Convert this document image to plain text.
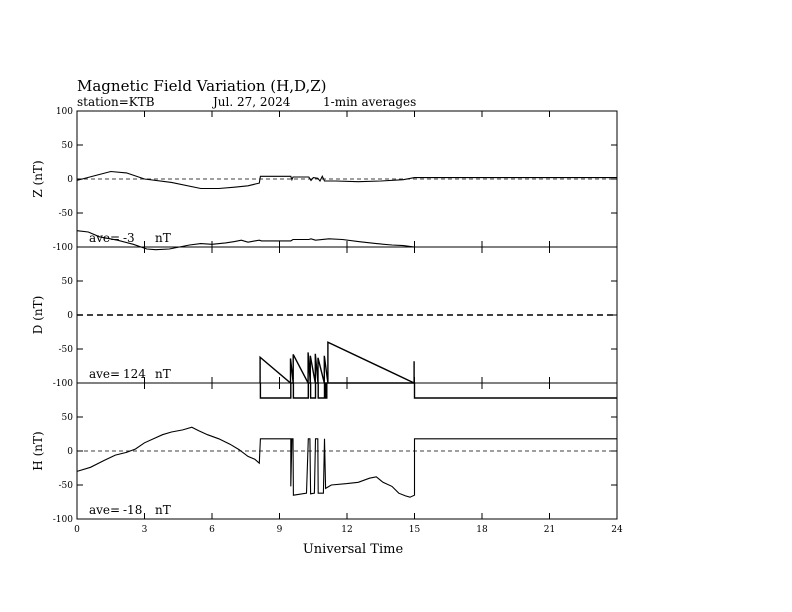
Magnetic Field Variation (H,D,Z)
station=KTB	Jul. 27, 2024	1-min averages
100
50
0
-50
-100
Z (nT)
ave= -3 nT
50
0
-50
-100
D (nT)
ave= 124 nT
50
0
-50
-100
H (nT)
ave= -18 nT
0	3	6	9	12	15	18	21	24
Universal Time
